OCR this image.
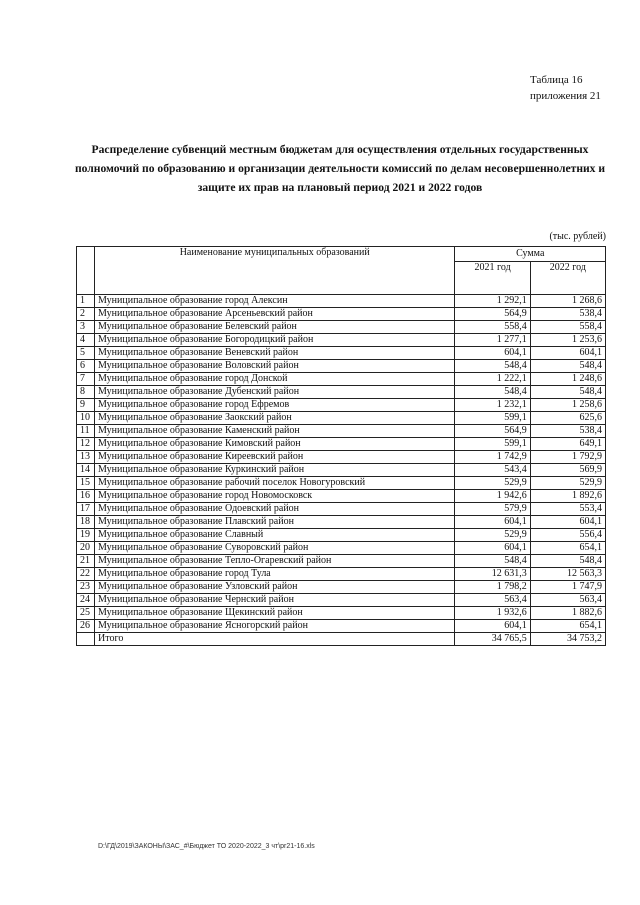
Таблица 16
приложения 21
Распределение субвенций местным бюджетам для осуществления отдельных государственных полномочий по образованию и организации деятельности комиссий по делам несовершеннолетних и защите их прав на плановый период 2021 и 2022 годов
(тыс. рублей)
	Наименование муниципальных образований	Сумма	
		2021 год	2022 год
1	Муниципальное образование город Алексин	1 292,1	1 268,6
2	Муниципальное образование Арсеньевский район	564,9	538,4
3	Муниципальное образование Белевский район	558,4	558,4
4	Муниципальное образование Богородицкий район	1 277,1	1 253,6
5	Муниципальное образование Веневский район	604,1	604,1
6	Муниципальное образование Воловский район	548,4	548,4
7	Муниципальное образование город Донской	1 222,1	1 248,6
8	Муниципальное образование Дубенский район	548,4	548,4
9	Муниципальное образование город Ефремов	1 232,1	1 258,6
10	Муниципальное образование Заокский район	599,1	625,6
11	Муниципальное образование Каменский район	564,9	538,4
12	Муниципальное образование Кимовский район	599,1	649,1
13	Муниципальное образование Киреевский район	1 742,9	1 792,9
14	Муниципальное образование Куркинский район	543,4	569,9
15	Муниципальное образование рабочий поселок Новогуровский	529,9	529,9
16	Муниципальное образование город Новомосковск	1 942,6	1 892,6
17	Муниципальное образование Одоевский район	579,9	553,4
18	Муниципальное образование Плавский район	604,1	604,1
19	Муниципальное образование Славный	529,9	556,4
20	Муниципальное образование Суворовский район	604,1	654,1
21	Муниципальное образование Тепло-Огаревский район	548,4	548,4
22	Муниципальное образование город Тула	12 631,3	12 563,3
23	Муниципальное образование Узловский район	1 798,2	1 747,9
24	Муниципальное образование Чернский район	563,4	563,4
25	Муниципальное образование Щекинский район	1 932,6	1 882,6
26	Муниципальное образование Ясногорский район	604,1	654,1
	Итого	34 765,5	34 753,2
D:\ГД\2019\ЗАКОНЫ\ЗАС_#\Бюджет ТО 2020-2022_3 чт\pr21-16.xls
